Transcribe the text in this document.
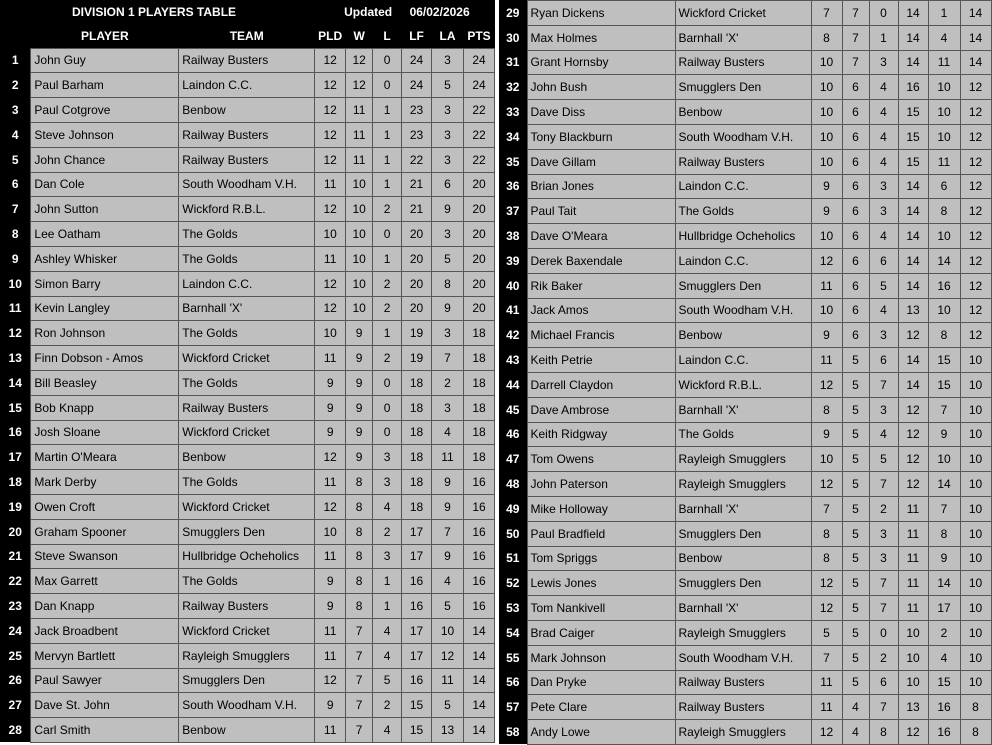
DIVISION 1 PLAYERS TABLE			Updated			06/02/2026		
	PLAYER	TEAM	PLD	W	L	LF	LA	PTS
1	John Guy	Railway Busters	12	12	0	24	3	24
2	Paul Barham	Laindon C.C.	12	12	0	24	5	24
3	Paul Cotgrove	Benbow	12	11	1	23	3	22
4	Steve Johnson	Railway Busters	12	11	1	23	3	22
5	John Chance	Railway Busters	12	11	1	22	3	22
6	Dan Cole	South Woodham V.H.	11	10	1	21	6	20
7	John Sutton	Wickford R.B.L.	12	10	2	21	9	20
8	Lee Oatham	The Golds	10	10	0	20	3	20
9	Ashley Whisker	The Golds	11	10	1	20	5	20
10	Simon Barry	Laindon C.C.	12	10	2	20	8	20
11	Kevin Langley	Barnhall 'X'	12	10	2	20	9	20
12	Ron Johnson	The Golds	10	9	1	19	3	18
13	Finn Dobson - Amos	Wickford Cricket	11	9	2	19	7	18
14	Bill Beasley	The Golds	9	9	0	18	2	18
15	Bob Knapp	Railway Busters	9	9	0	18	3	18
16	Josh Sloane	Wickford Cricket	9	9	0	18	4	18
17	Martin O'Meara	Benbow	12	9	3	18	11	18
18	Mark Derby	The Golds	11	8	3	18	9	16
19	Owen Croft	Wickford Cricket	12	8	4	18	9	16
20	Graham Spooner	Smugglers Den	10	8	2	17	7	16
21	Steve Swanson	Hullbridge Ocheholics	11	8	3	17	9	16
22	Max Garrett	The Golds	9	8	1	16	4	16
23	Dan Knapp	Railway Busters	9	8	1	16	5	16
24	Jack Broadbent	Wickford Cricket	11	7	4	17	10	14
25	Mervyn Bartlett	Rayleigh Smugglers	11	7	4	17	12	14
26	Paul Sawyer	Smugglers Den	12	7	5	16	11	14
27	Dave St. John	South Woodham V.H.	9	7	2	15	5	14
28	Carl Smith	Benbow	11	7	4	15	13	14
29	Ryan Dickens	Wickford Cricket	7	7	0	14	1	14
30	Max Holmes	Barnhall 'X'	8	7	1	14	4	14
31	Grant Hornsby	Railway Busters	10	7	3	14	11	14
32	John Bush	Smugglers Den	10	6	4	16	10	12
33	Dave Diss	Benbow	10	6	4	15	10	12
34	Tony Blackburn	South Woodham V.H.	10	6	4	15	10	12
35	Dave Gillam	Railway Busters	10	6	4	15	11	12
36	Brian Jones	Laindon C.C.	9	6	3	14	6	12
37	Paul Tait	The Golds	9	6	3	14	8	12
38	Dave O'Meara	Hullbridge Ocheholics	10	6	4	14	10	12
39	Derek Baxendale	Laindon C.C.	12	6	6	14	14	12
40	Rik Baker	Smugglers Den	11	6	5	14	16	12
41	Jack Amos	South Woodham V.H.	10	6	4	13	10	12
42	Michael Francis	Benbow	9	6	3	12	8	12
43	Keith Petrie	Laindon C.C.	11	5	6	14	15	10
44	Darrell Claydon	Wickford R.B.L.	12	5	7	14	15	10
45	Dave Ambrose	Barnhall 'X'	8	5	3	12	7	10
46	Keith Ridgway	The Golds	9	5	4	12	9	10
47	Tom Owens	Rayleigh Smugglers	10	5	5	12	10	10
48	John Paterson	Rayleigh Smugglers	12	5	7	12	14	10
49	Mike Holloway	Barnhall 'X'	7	5	2	11	7	10
50	Paul Bradfield	Smugglers Den	8	5	3	11	8	10
51	Tom Spriggs	Benbow	8	5	3	11	9	10
52	Lewis Jones	Smugglers Den	12	5	7	11	14	10
53	Tom Nankivell	Barnhall 'X'	12	5	7	11	17	10
54	Brad Caiger	Rayleigh Smugglers	5	5	0	10	2	10
55	Mark Johnson	South Woodham V.H.	7	5	2	10	4	10
56	Dan Pryke	Railway Busters	11	5	6	10	15	10
57	Pete Clare	Railway Busters	11	4	7	13	16	8
58	Andy Lowe	Rayleigh Smugglers	12	4	8	12	16	8
